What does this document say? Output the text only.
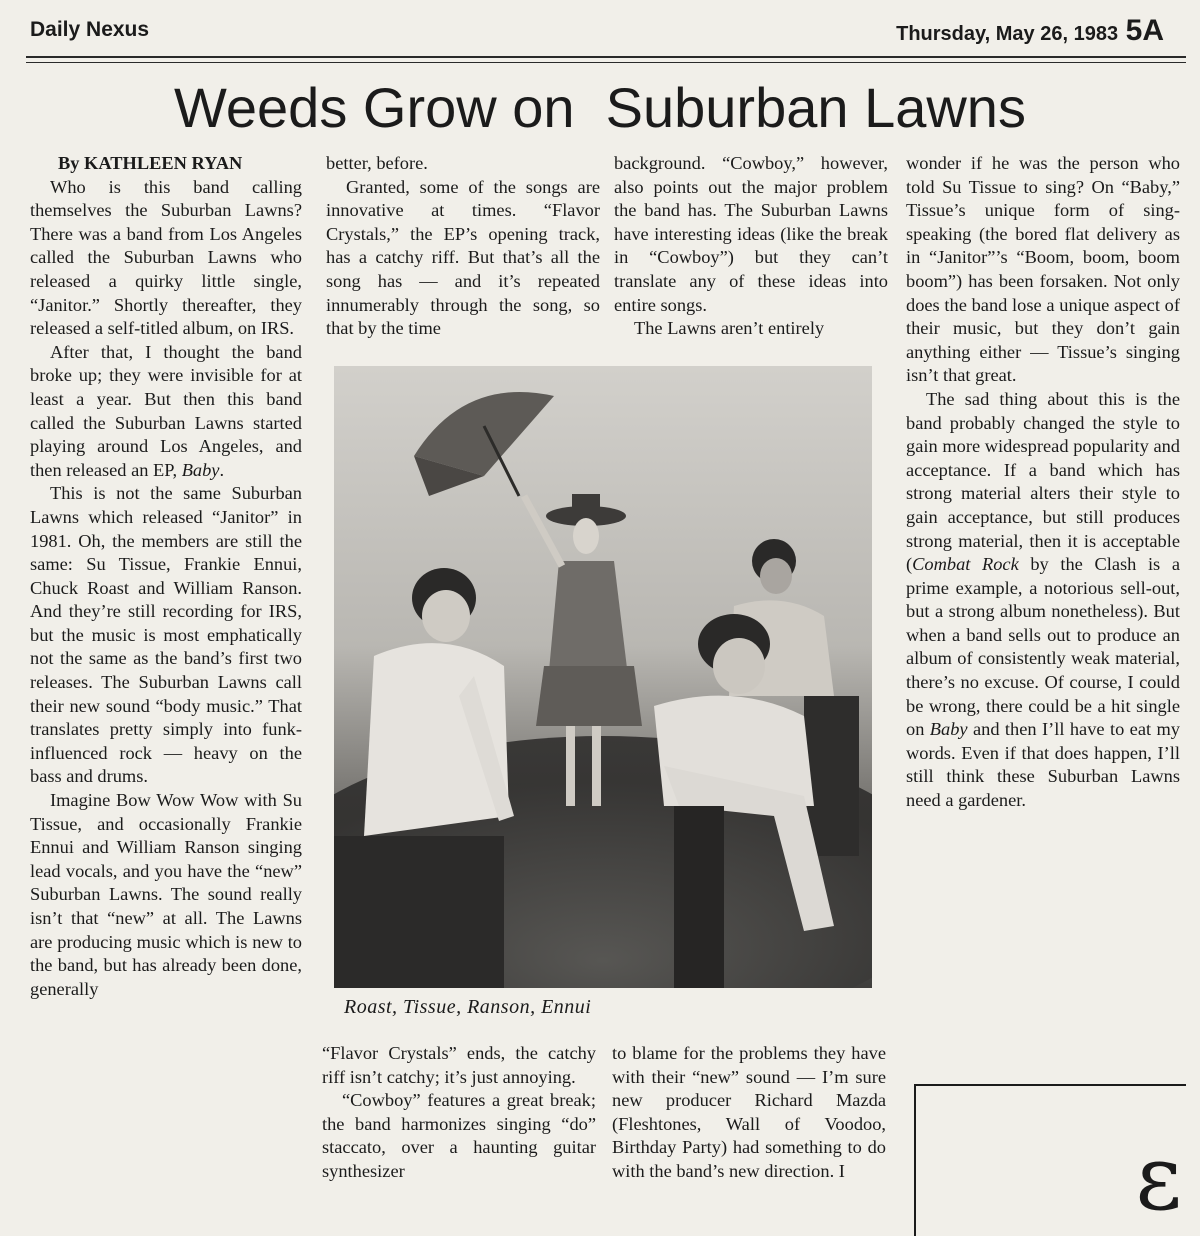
Daily Nexus	Thursday, May 26, 1983 5A
Weeds Grow on  Suburban Lawns

By KATHLEEN RYAN

Who is this band calling themselves the Suburban Lawns? There was a band from Los Angeles called the Suburban Lawns who released a quirky little single, “Janitor.” Shortly thereafter, they released a self-titled album, on IRS.

After that, I thought the band broke up; they were invisible for at least a year. But then this band called the Suburban Lawns started playing around Los Angeles, and then released an EP, Baby.

This is not the same Suburban Lawns which released “Janitor” in 1981. Oh, the members are still the same: Su Tissue, Frankie Ennui, Chuck Roast and William Ranson. And they’re still recording for IRS, but the music is most emphatically not the same as the band’s first two releases. The Suburban Lawns call their new sound “body music.” That translates pretty simply into funk-influenced rock — heavy on the bass and drums.

Imagine Bow Wow Wow with Su Tissue, and occasionally Frankie Ennui and William Ranson singing lead vocals, and you have the “new” Suburban Lawns. The sound really isn’t that “new” at all. The Lawns are producing music which is new to the band, but has already been done, generally

better, before.

Granted, some of the songs are innovative at times. “Flavor Crystals,” the EP’s opening track, has a catchy riff. But that’s all the song has — and it’s repeated innumerably through the song, so that by the time

background. “Cowboy,” however, also points out the major problem the band has. The Suburban Lawns have interesting ideas (like the break in “Cowboy”) but they can’t translate any of these ideas into entire songs.

The Lawns aren’t entirely

wonder if he was the person who told Su Tissue to sing? On “Baby,” Tissue’s unique form of sing-speaking (the bored flat delivery as in “Janitor”’s “Boom, boom, boom boom”) has been forsaken. Not only does the band lose a unique aspect of their music, but they don’t gain anything either — Tissue’s singing isn’t that great.

The sad thing about this is the band probably changed the style to gain more widespread popularity and acceptance. If a band which has strong material alters their style to gain acceptance, but still produces strong material, then it is acceptable (Combat Rock by the Clash is a prime example, a notorious sell-out, but a strong album nonetheless). But when a band sells out to produce an album of consistently weak material, there’s no excuse. Of course, I could be wrong, there could be a hit single on Baby and then I’ll have to eat my words. Even if that does happen, I’ll still think these Suburban Lawns need a gardener.

Roast, Tissue, Ranson, Ennui

“Flavor Crystals” ends, the catchy riff isn’t catchy; it’s just annoying.

“Cowboy” features a great break; the band harmonizes singing “do” staccato, over a haunting guitar synthesizer

to blame for the problems they have with their “new” sound — I’m sure new producer Richard Mazda (Fleshtones, Wall of Voodoo, Birthday Party) had something to do with the band’s new direction. I	ε
